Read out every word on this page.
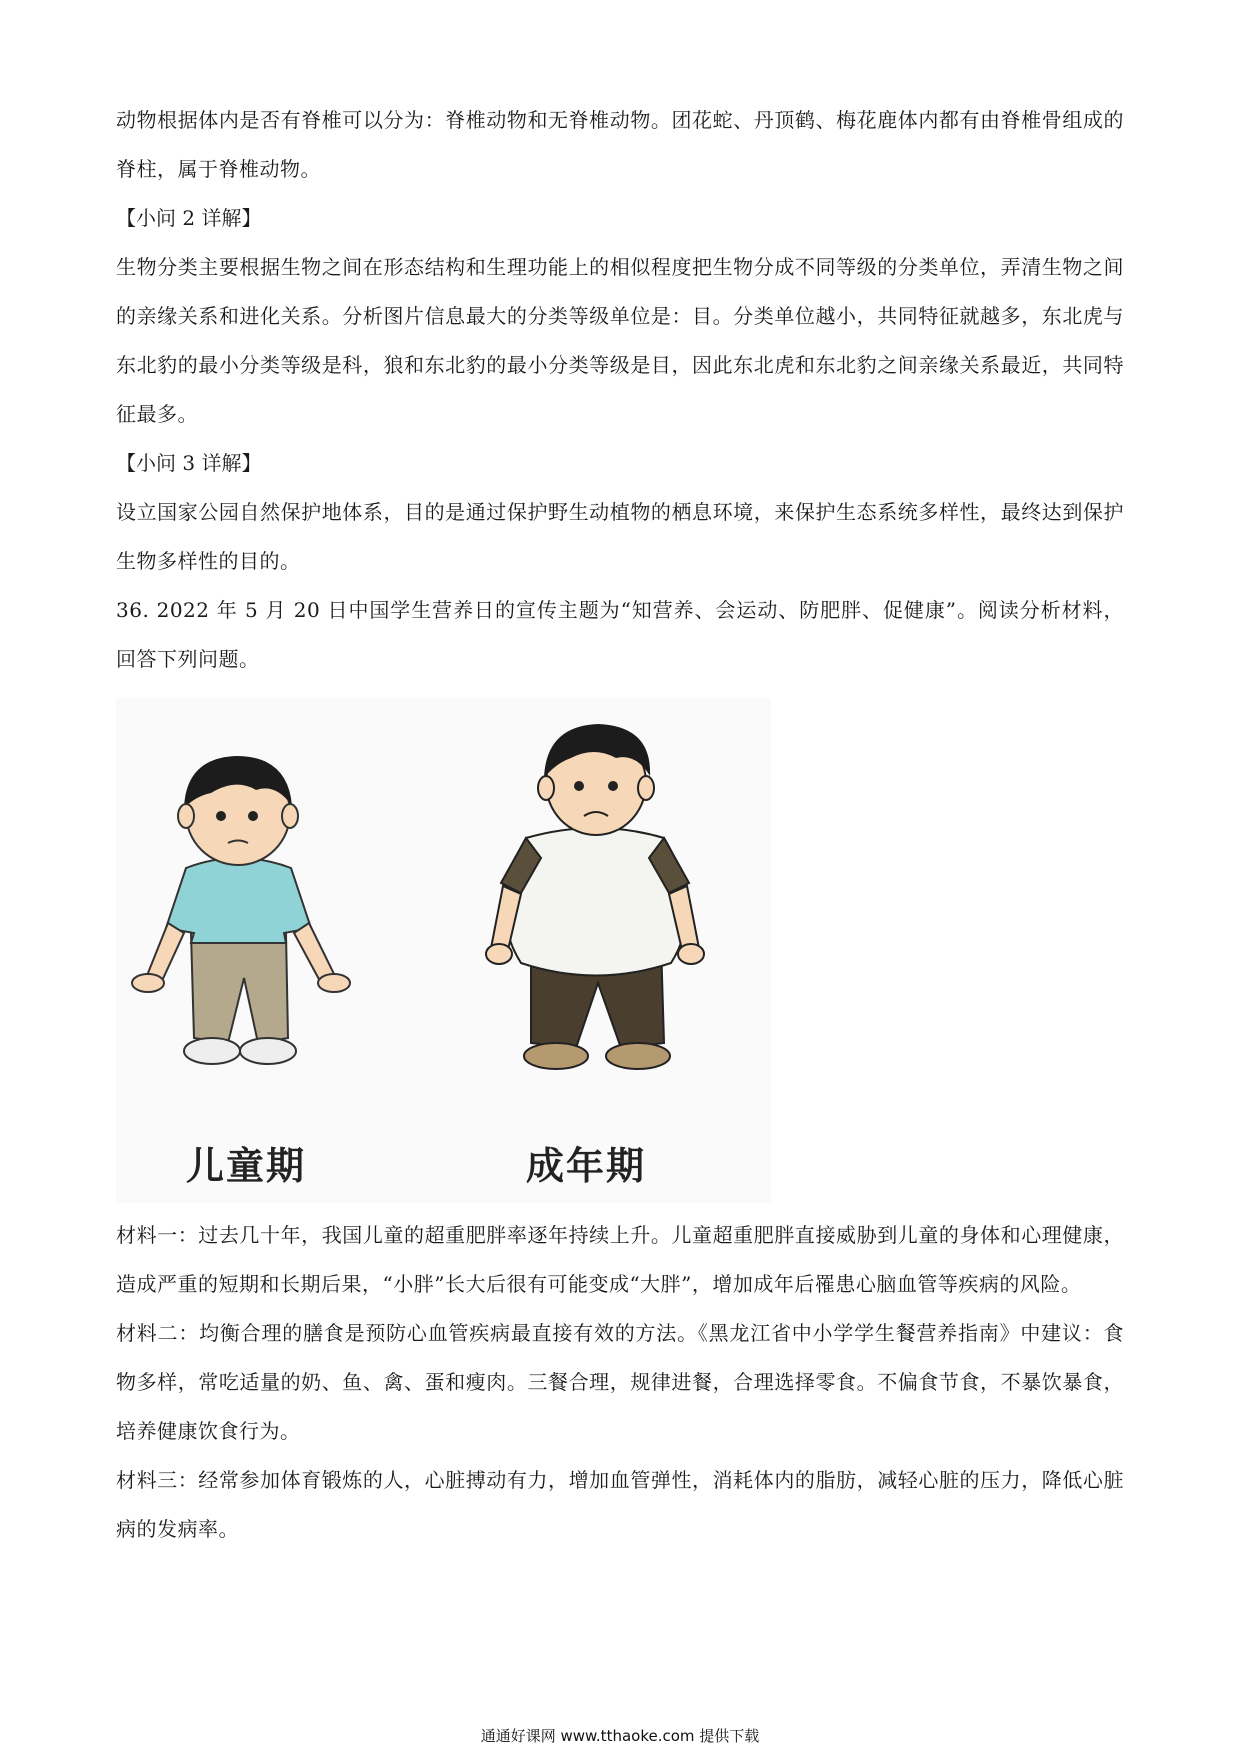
动物根据体内是否有脊椎可以分为：脊椎动物和无脊椎动物。团花蛇、丹顶鹤、梅花鹿体内都有由脊椎骨组成的脊柱，属于脊椎动物。

【小问 2 详解】

生物分类主要根据生物之间在形态结构和生理功能上的相似程度把生物分成不同等级的分类单位，弄清生物之间的亲缘关系和进化关系。分析图片信息最大的分类等级单位是：目。分类单位越小，共同特征就越多，东北虎与东北豹的最小分类等级是科，狼和东北豹的最小分类等级是目，因此东北虎和东北豹之间亲缘关系最近，共同特征最多。

【小问 3 详解】

设立国家公园自然保护地体系，目的是通过保护野生动植物的栖息环境，来保护生态系统多样性，最终达到保护生物多样性的目的。

36. 2022 年 5 月 20 日中国学生营养日的宣传主题为“知营养、会运动、防肥胖、促健康”。阅读分析材料，回答下列问题。

儿童期	成年期

材料一：过去几十年，我国儿童的超重肥胖率逐年持续上升。儿童超重肥胖直接威胁到儿童的身体和心理健康，造成严重的短期和长期后果，“小胖”长大后很有可能变成“大胖”，增加成年后罹患心脑血管等疾病的风险。

材料二：均衡合理的膳食是预防心血管疾病最直接有效的方法。《黑龙江省中小学学生餐营养指南》中建议：食物多样，常吃适量的奶、鱼、禽、蛋和瘦肉。三餐合理，规律进餐，合理选择零食。不偏食节食，不暴饮暴食，培养健康饮食行为。

材料三：经常参加体育锻炼的人，心脏搏动有力，增加血管弹性，消耗体内的脂肪，减轻心脏的压力，降低心脏病的发病率。

通通好课网 www.tthaoke.com 提供下载
